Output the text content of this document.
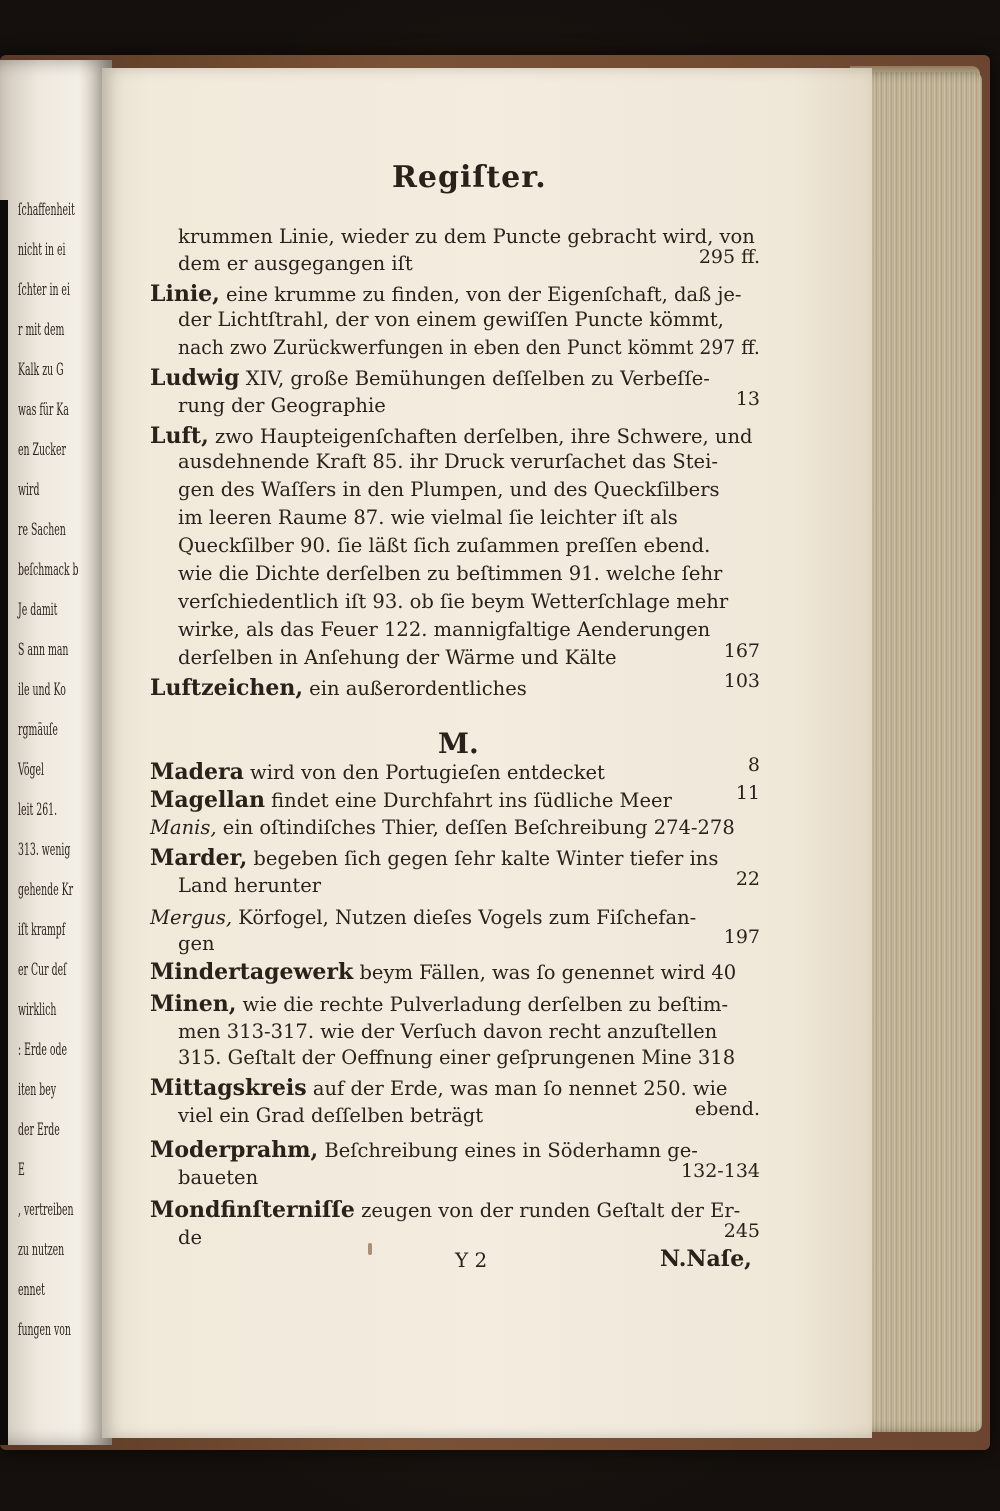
ſchaffenheit
nicht in ei
ſchter in ei
r mit dem
Kalk zu G
was für Ka
en Zucker
wird
re Sachen
beſchmack b
Je damit
S ann man
ile und Ko
rgmäuſe
Vögel
leit 261.
313. wenig
gehende Kr
iſt krampf
er Cur deſ
wirklich
: Erde ode
iten bey
der Erde
E
, vertreiben
zu nutzen
ennet
fungen von
Regiſter.
M.
krummen Linie, wieder zu dem Puncte gebracht wird, von
dem er ausgegangen iſt
Linie, eine krumme zu finden, von der Eigenſchaft, daß je-
der Lichtſtrahl, der von einem gewiſſen Puncte kömmt,
nach zwo Zurückwerfungen in eben den Punct kömmt 297 ff.
Ludwig XIV, große Bemühungen deſſelben zu Verbeſſe-
rung der Geographie
Luft, zwo Haupteigenſchaften derſelben, ihre Schwere, und
ausdehnende Kraft 85. ihr Druck verurſachet das Stei-
gen des Waſſers in den Plumpen, und des Queckſilbers
im leeren Raume 87. wie vielmal ſie leichter iſt als
Queckſilber 90. ſie läßt ſich zuſammen preſſen ebend.
wie die Dichte derſelben zu beſtimmen 91. welche ſehr
verſchiedentlich iſt 93. ob ſie beym Wetterſchlage mehr
wirke, als das Feuer 122. mannigfaltige Aenderungen
derſelben in Anſehung der Wärme und Kälte
Luftzeichen, ein außerordentliches
Madera wird von den Portugieſen entdecket
Magellan findet eine Durchfahrt ins ſüdliche Meer
Manis, ein oſtindiſches Thier, deſſen Beſchreibung 274-278
Marder, begeben ſich gegen ſehr kalte Winter tiefer ins
Land herunter
Mergus, Körfogel, Nutzen dieſes Vogels zum Fiſchefan-
gen
Mindertagewerk beym Fällen, was ſo genennet wird 40
Minen, wie die rechte Pulverladung derſelben zu beſtim-
men 313-317. wie der Verſuch davon recht anzuſtellen
315. Geſtalt der Oeffnung einer geſprungenen Mine 318
Mittagskreis auf der Erde, was man ſo nennet 250. wie
viel ein Grad deſſelben beträgt
Moderprahm, Beſchreibung eines in Söderhamn ge-
baueten
Mondfinſterniſſe zeugen von der runden Geſtalt der Er-
de
Y 2	N.Naſe,
295 ff.
13
167
103
8
11
22
197
ebend.
132-134
245
